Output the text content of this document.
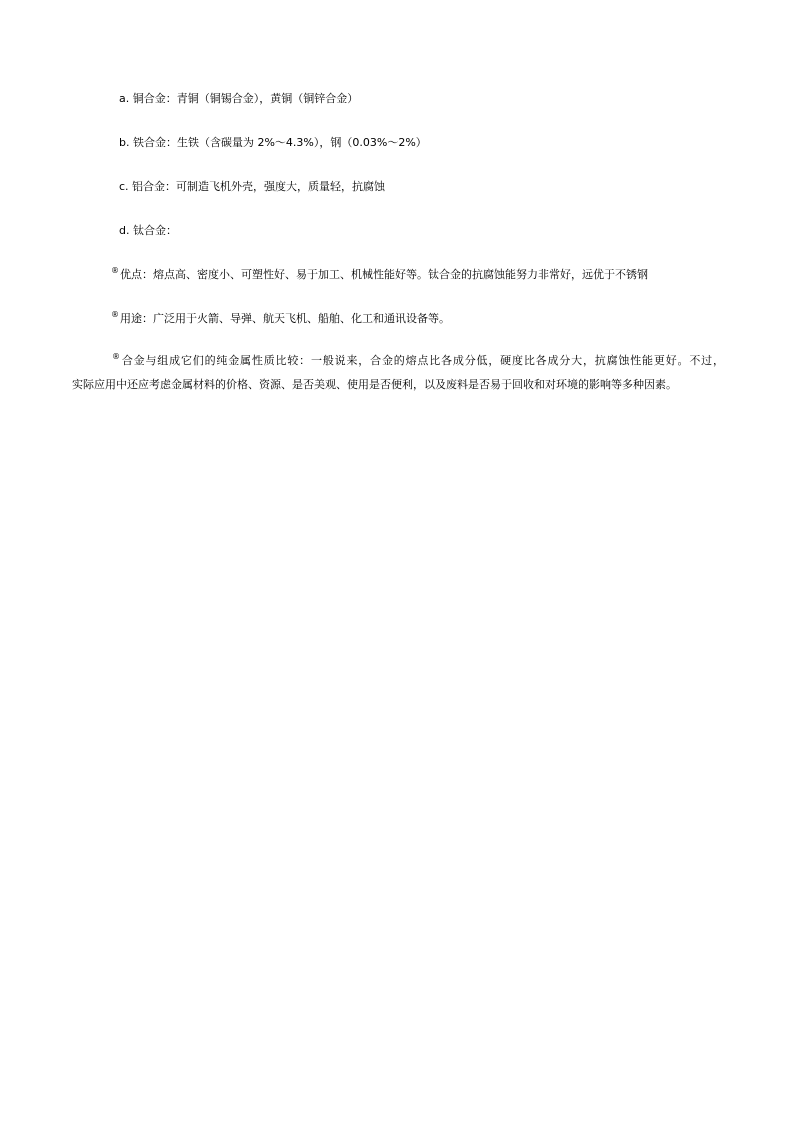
a. 铜合金：青铜（铜锡合金），黄铜（铜锌合金）
b. 铁合金：生铁（含碳量为 2%～4.3%），钢（0.03%～2%）
c. 铝合金：可制造飞机外壳，强度大，质量轻，抗腐蚀
d. 钛合金：
®优点：熔点高、密度小、可塑性好、易于加工、机械性能好等。钛合金的抗腐蚀能努力非常好，远优于不锈钢
®用途：广泛用于火箭、导弹、航天飞机、船舶、化工和通讯设备等。
®合金与组成它们的纯金属性质比较：一般说来，合金的熔点比各成分低，硬度比各成分大，抗腐蚀性能更好。不过，
实际应用中还应考虑金属材料的价格、资源、是否美观、使用是否便利，以及废料是否易于回收和对环境的影响等多种因素。
